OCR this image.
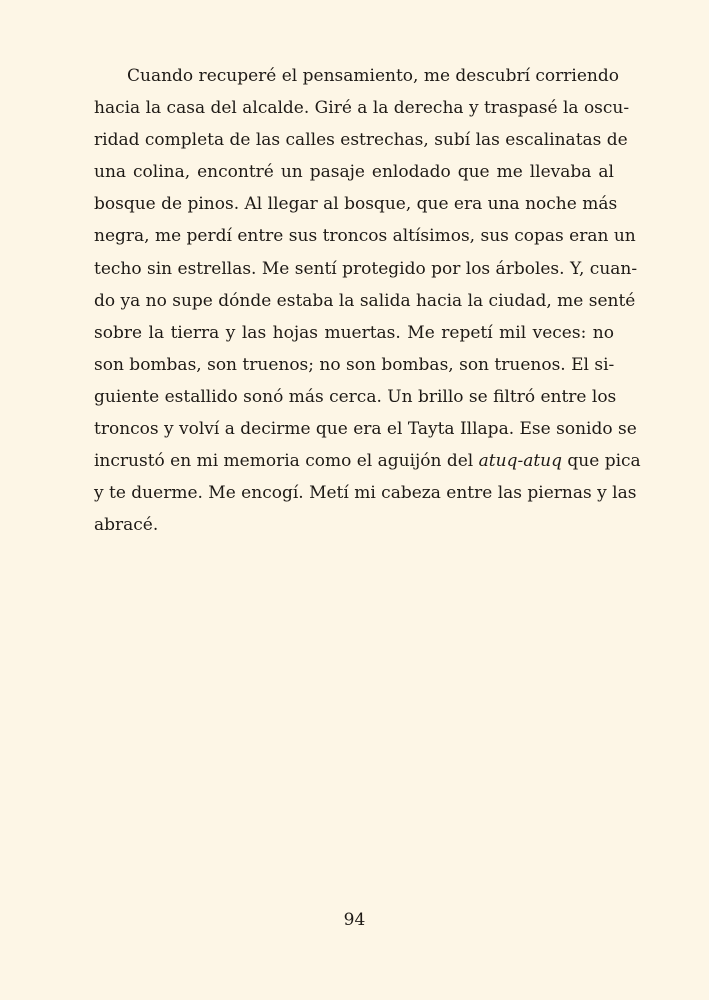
Cuando recuperé el pensamiento, me descubrí corriendo
hacia la casa del alcalde. Giré a la derecha y traspasé la oscu-
ridad completa de las calles estrechas, subí las escalinatas de
una colina, encontré un pasaje enlodado que me llevaba al
bosque de pinos. Al llegar al bosque, que era una noche más
negra, me perdí entre sus troncos altísimos, sus copas eran un
techo sin estrellas. Me sentí protegido por los árboles. Y, cuan-
do ya no supe dónde estaba la salida hacia la ciudad, me senté
sobre la tierra y las hojas muertas. Me repetí mil veces: no
son bombas, son truenos; no son bombas, son truenos. El si-
guiente estallido sonó más cerca. Un brillo se filtró entre los
troncos y volví a decirme que era el Tayta Illapa. Ese sonido se
incrustó en mi memoria como el aguijón del atuq-atuq que pica
y te duerme. Me encogí. Metí mi cabeza entre las piernas y las
abracé.
94
